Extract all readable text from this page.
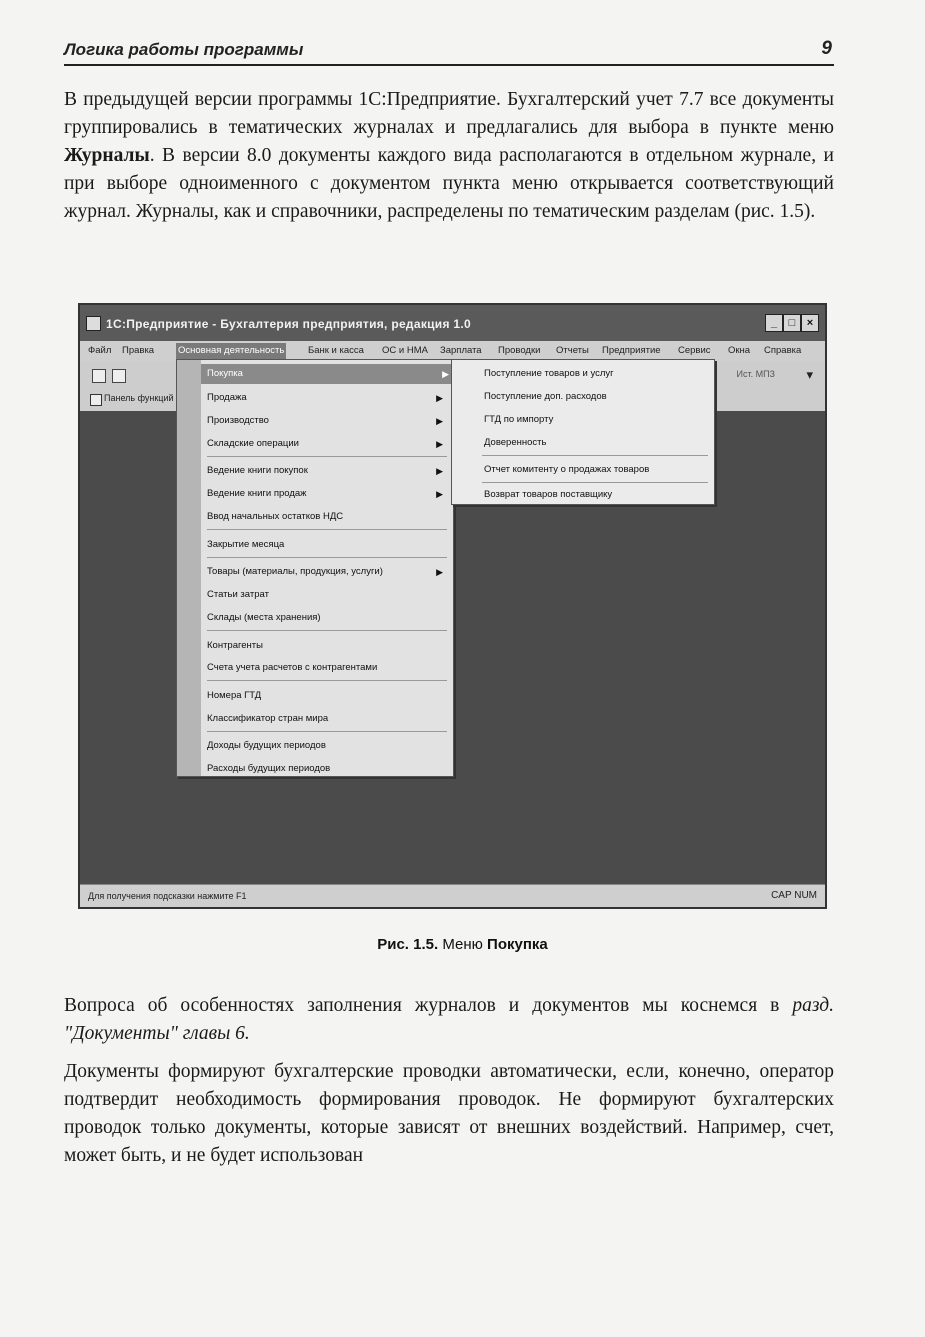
Логика работы программы	9

В предыдущей версии программы 1С:Предприятие. Бухгалтерский учет 7.7 все документы группировались в тематических журналах и предлагались для выбора в пункте меню Журналы. В версии 8.0 документы каждого вида располагаются в отдельном журнале, и при выборе одноименного с документом пункта меню открывается соответствующий журнал. Журналы, как и справочники, распределены по тематическим разделам (рис. 1.5).

1С:Предприятие - Бухгалтерия предприятия, редакция 1.0	_	□	×
Файл Правка	Основная деятельность Банк и касса ОС и НМА Зарплата Проводки Отчеты Предприятие Сервис Окна Справка
Ист. МПЗ ▾
Панель функций
Для получения подсказки нажмите F1	CAP NUM
Покупка	▶
Продажа	▶
Производство	▶
Складские операции	▶
Ведение книги покупок	▶
Ведение книги продаж	▶
Ввод начальных остатков НДС
Закрытие месяца
Товары (материалы, продукция, услуги)	▶
Статьи затрат
Склады (места хранения)
Контрагенты
Счета учета расчетов с контрагентами
Номера ГТД
Классификатор стран мира
Доходы будущих периодов
Расходы будущих периодов
Поступление товаров и услуг
Поступление доп. расходов
ГТД по импорту
Доверенность
Отчет комитенту о продажах товаров
Возврат товаров поставщику
Рис. 1.5. Меню Покупка

Вопроса об особенностях заполнения журналов и документов мы коснемся в разд. "Документы" главы 6.

Документы формируют бухгалтерские проводки автоматически, если, конечно, оператор подтвердит необходимость формирования проводок. Не формируют бухгалтерских проводок только документы, которые зависят от внешних воздействий. Например, счет, может быть, и не будет использован
